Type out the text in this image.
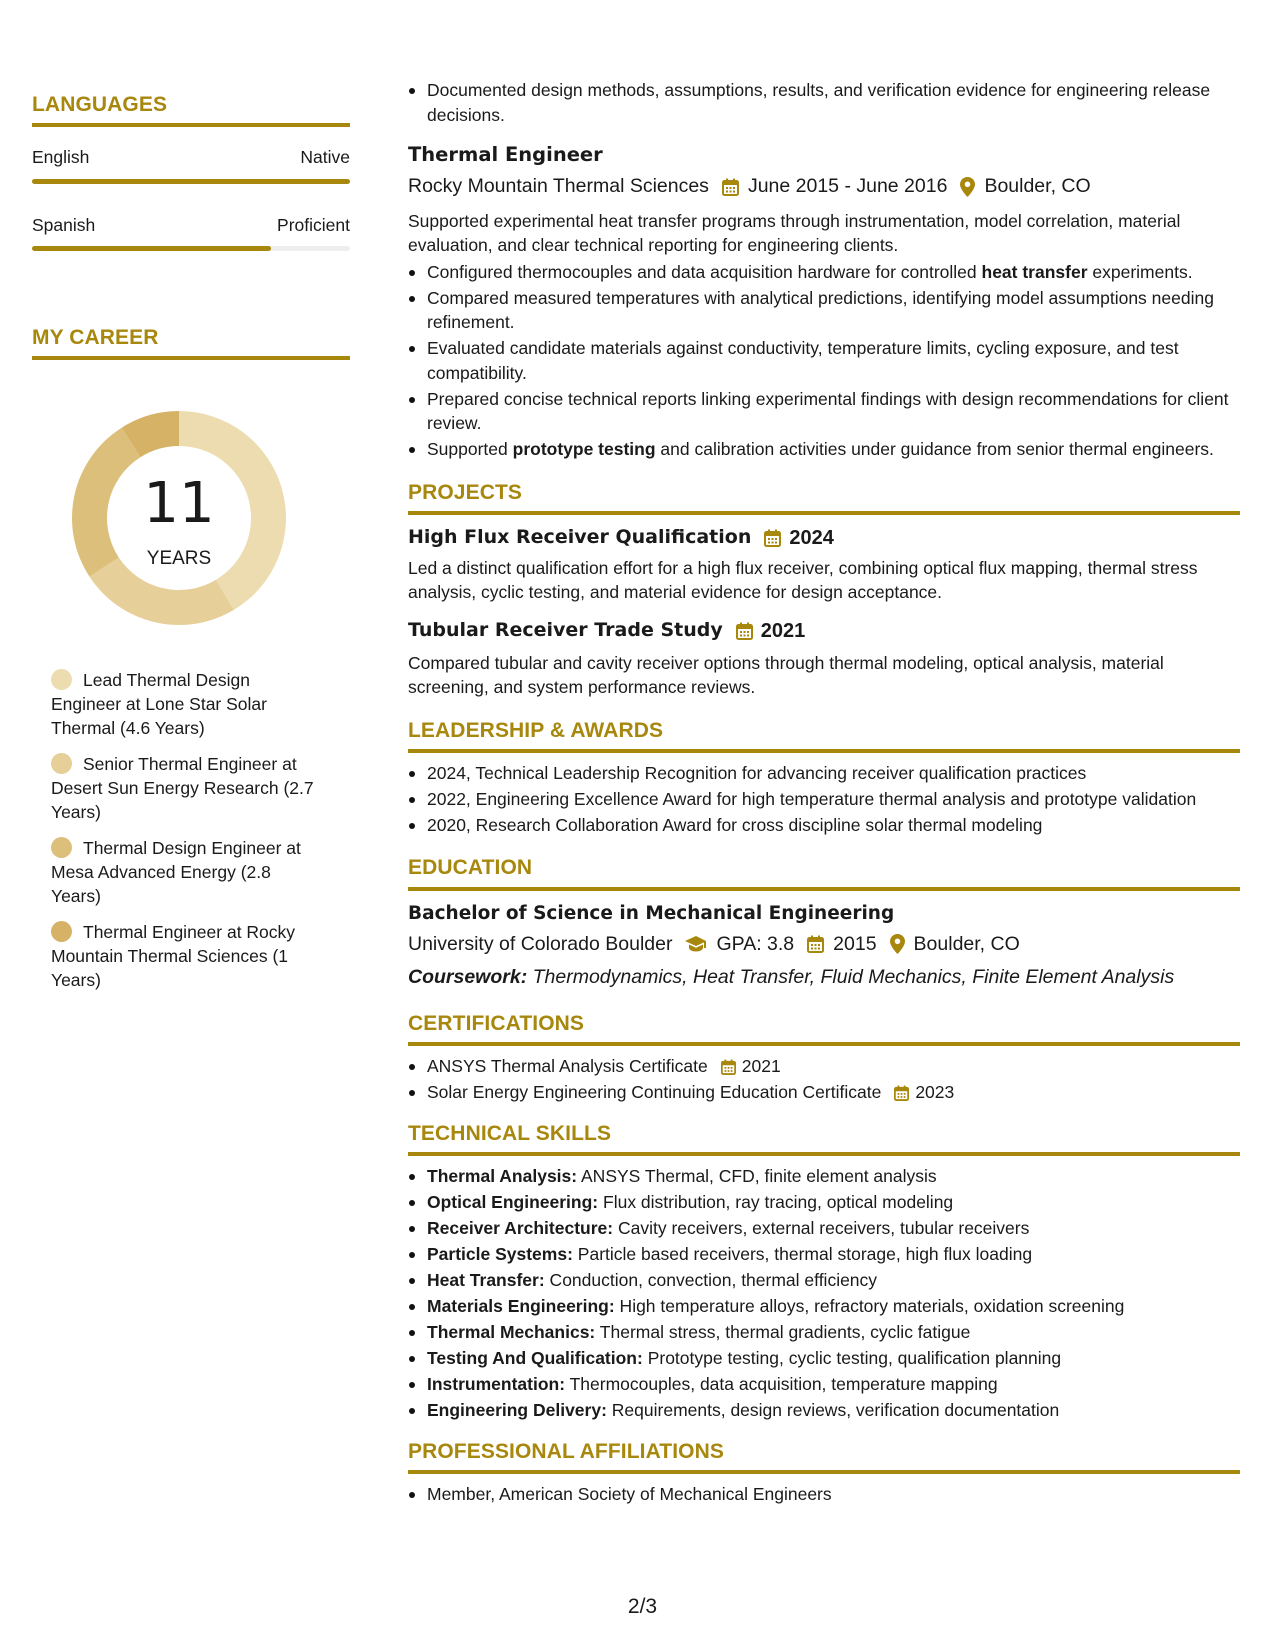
LANGUAGES
English	Native
Spanish	Proficient
MY CAREER
11
YEARS
Lead Thermal Design Engineer at Lone Star Solar Thermal (4.6 Years)
Senior Thermal Engineer at Desert Sun Energy Research (2.7 Years)
Thermal Design Engineer at Mesa Advanced Energy (2.8 Years)
Thermal Engineer at Rocky Mountain Thermal Sciences (1 Years)
Documented design methods, assumptions, results, and verification evidence for engineering release decisions.
Thermal Engineer
Rocky Mountain Thermal Sciences June 2015 - June 2016 Boulder, CO
Supported experimental heat transfer programs through instrumentation, model correlation, material evaluation, and clear technical reporting for engineering clients.
Configured thermocouples and data acquisition hardware for controlled heat transfer experiments.
Compared measured temperatures with analytical predictions, identifying model assumptions needing refinement.
Evaluated candidate materials against conductivity, temperature limits, cycling exposure, and test compatibility.
Prepared concise technical reports linking experimental findings with design recommendations for client review.
Supported prototype testing and calibration activities under guidance from senior thermal engineers.
PROJECTS
High Flux Receiver Qualification 2024
Led a distinct qualification effort for a high flux receiver, combining optical flux mapping, thermal stress analysis, cyclic testing, and material evidence for design acceptance.
Tubular Receiver Trade Study 2021
Compared tubular and cavity receiver options through thermal modeling, optical analysis, material screening, and system performance reviews.
LEADERSHIP & AWARDS
2024, Technical Leadership Recognition for advancing receiver qualification practices
2022, Engineering Excellence Award for high temperature thermal analysis and prototype validation
2020, Research Collaboration Award for cross discipline solar thermal modeling
EDUCATION
Bachelor of Science in Mechanical Engineering
University of Colorado Boulder GPA: 3.8 2015 Boulder, CO
Coursework: Thermodynamics, Heat Transfer, Fluid Mechanics, Finite Element Analysis
CERTIFICATIONS
ANSYS Thermal Analysis Certificate 2021
Solar Energy Engineering Continuing Education Certificate 2023
TECHNICAL SKILLS
Thermal Analysis: ANSYS Thermal, CFD, finite element analysis
Optical Engineering: Flux distribution, ray tracing, optical modeling
Receiver Architecture: Cavity receivers, external receivers, tubular receivers
Particle Systems: Particle based receivers, thermal storage, high flux loading
Heat Transfer: Conduction, convection, thermal efficiency
Materials Engineering: High temperature alloys, refractory materials, oxidation screening
Thermal Mechanics: Thermal stress, thermal gradients, cyclic fatigue
Testing And Qualification: Prototype testing, cyclic testing, qualification planning
Instrumentation: Thermocouples, data acquisition, temperature mapping
Engineering Delivery: Requirements, design reviews, verification documentation
PROFESSIONAL AFFILIATIONS
Member, American Society of Mechanical Engineers
2/3
